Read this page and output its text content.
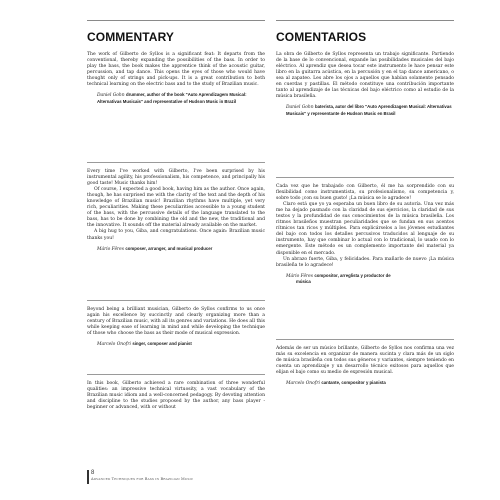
COMMENTARY

The work of Gilberto de Syllos is a significant feat: It departs from the conventional, thereby expanding the possibilities of the bass. In order to play the bass, the book makes the apprentice think of the acoustic guitar, percussion, and tap dance. This opens the eyes of those who would have thought only of strings and pick-ups. It is a great contribution to both technical learning on the electric bass and to the study of Brazilian music.

Daniel Gohn drummer, author of the book "Auto Aprendizagem Musical: Alternativas Musicais" and representative of Hudson Music in Brazil

Every time I've worked with Gilberto, I've been surprised by his instrumental agility, his professionalism, his competence, and principally his good taste! Music thanks him!

Of course, I expected a good book, having him as the author. Once again, though, he has surprised me with the clarity of the text and the depth of his knowledge of Brazilian music! Brazilian rhythms have multiple, yet very rich, peculiarities. Making these peculiarities accessible to a young student of the bass, with the percussive details of the language translated to the bass, has to be done by combining the old and the new, the traditional and the innovative. It sounds off the material already available on the market.

A big hug to you, Giba, and congratulations. Once again: Brazilian music thanks you!

Mário Fêres composer, arranger, and musical producer

Beyond being a brilliant musician, Gilberto de Syllos confirms to us once again his excellence by succinctly and clearly organizing more than a century of Brazilian music, with all its genres and variations. He does all this while keeping ease of learning in mind and while developing the technique of those who choose the bass as their mode of musical expression.

Marcelo Onofri singer, composer and pianist

In this book, Gilberto achieved a rare combination of three wonderful qualities: an impressive technical virtuosity, a vast vocabulary of the Brazilian music idiom and a well-concerned pedagogy. By devoting attention and discipline to the studies proposed by the author, any bass player - beginner or advanced, with or without

COMENTARIOS

La obra de Gilberto de Syllos representa un trabajo significante. Partiendo de la base de lo convencional, expande las posibilidades musicales del bajo eléctrico. Al aprendiz que desea tocar este instrumento le hace pensar este libro en la guitarra acústica, en la percusión y en el tap dance americano, o sea al zapateo. Les abre los ojos a aquellos que habían solamente pensado en cuerdas y pastillas. El método constituye una contribución importante tanto al aprendizaje de las técnicas del bajo eléctrico como al estudio de la música brasileña.

Daniel Gohn baterista, autor del libro "Auto Aprendizagem Musical: Alternativas Musicais" y representante de Hudson Music en Brasil

Cada vez que he trabajado con Gilberto, él me ha sorprendido con su flexibilidad como instrumentista, su profesionalismo, su competencia y, sobre todo ¡con su buen gusto! ¡La música se lo agradece!

Claro está que yo ya esperaba un buen libro de su autoría. Una vez más me ha dejado pasmado con la claridad de sus ejercicios, la claridad de sus textos y la profundidad de sus conocimientos de la música brasileña. Los ritmos brasileños muestran peculiaridades que se fundan en sus acentos rítmicos tan ricos y múltiples. Para explicárselos a los jóvenes estudiantes del bajo con todos los detalles percusivos traducidos al lenguaje de su instrumento, hay que combinar lo actual con lo tradicional, lo usado con lo emergente. Este método es un complemento importante del material ya disponible en el mercado.

Un abrazo fuerte, Giba, y felicidades. Para mañarlo de nuevo ¡La música brasileña te lo agradece!

Mário Fêres compositor, arreglista y productor de
música

Además de ser un músico brillante, Gilberto de Syllos nos confirma una vez más su excelencia en organizar de manera sucinta y clara más de un siglo de música brasileña con todos sus géneros y variantes, siempre teniendo en cuenta un aprendizaje y un desarrollo técnico exitosos para aquellos que elijan el bajo como su medio de expresión musical.

Marcelo Onofri cantante, compositor y pianista
8
Advanced Techniques for Bass in Brazilian Music
